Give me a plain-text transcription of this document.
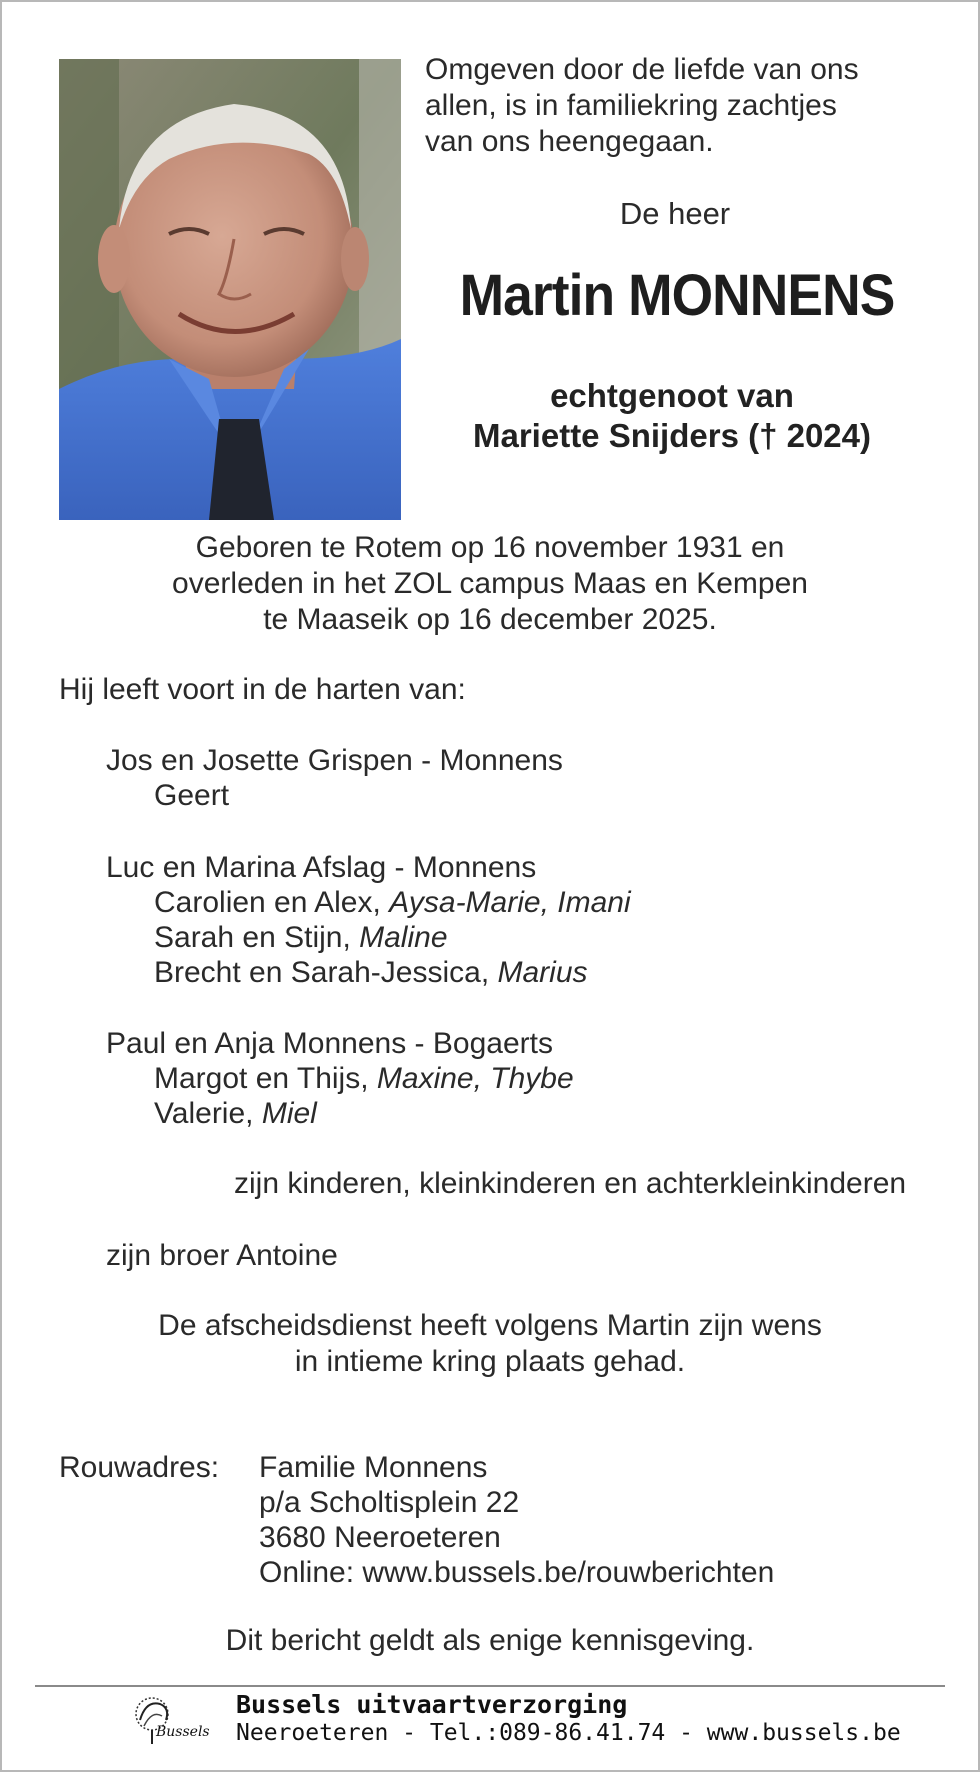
Omgeven door de liefde van ons
allen, is in familiekring zachtjes
van ons heengegaan.
De heer
Martin MONNENS
echtgenoot van
Mariette Snijders († 2024)
Geboren te Rotem op 16 november 1931 en
overleden in het ZOL campus Maas en Kempen
te Maaseik op 16 december 2025.
Hij leeft voort in de harten van:
Jos en Josette Grispen - Monnens
Geert
Luc en Marina Afslag - Monnens
Carolien en Alex, Aysa-Marie, Imani
Sarah en Stijn, Maline
Brecht en Sarah-Jessica, Marius
Paul en Anja Monnens - Bogaerts
Margot en Thijs, Maxine, Thybe
Valerie, Miel
zijn kinderen, kleinkinderen en achterkleinkinderen
zijn broer Antoine
De afscheidsdienst heeft volgens Martin zijn wens
in intieme kring plaats gehad.
Rouwadres: Familie Monnens
p/a Scholtisplein 22
3680 Neeroeteren
Online: www.bussels.be/rouwberichten
Dit bericht geldt als enige kennisgeving.
Bussels
Bussels uitvaartverzorging
Neeroeteren - Tel.:089-86.41.74 - www.bussels.be
